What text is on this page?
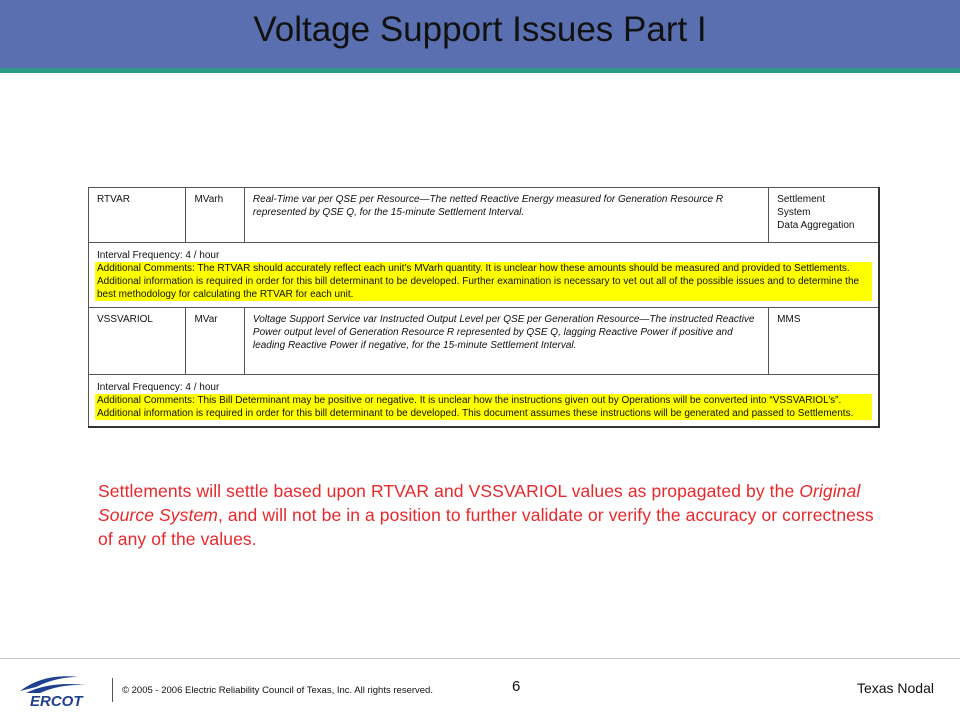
Voltage Support Issues Part I
RTVAR	MVarh	Real-Time var per QSE per Resource—The netted Reactive Energy measured for Generation Resource R represented by QSE Q, for the 15-minute Settlement Interval.	Settlement
System
Data Aggregation

Interval Frequency: 4 / hour
Additional Comments: The RTVAR should accurately reflect each unit’s MVarh quantity. It is unclear how these amounts should be measured and provided to Settlements. Additional information is required in order for this bill determinant to be developed. Further examination is necessary to vet out all of the possible issues and to determine the best methodology for calculating the RTVAR for each unit.			

VSSVARIOL	MVar	Voltage Support Service var Instructed Output Level per QSE per Generation Resource—The instructed Reactive Power output level of Generation Resource R represented by QSE Q, lagging Reactive Power if positive and leading Reactive Power if negative, for the 15-minute Settlement Interval.	MMS

Interval Frequency: 4 / hour
Additional Comments: This Bill Determinant may be positive or negative. It is unclear how the instructions given out by Operations will be converted into “VSSVARIOL’s”. Additional information is required in order for this bill determinant to be developed. This document assumes these instructions will be generated and passed to Settlements.			
Settlements will settle based upon RTVAR and VSSVARIOL values as propagated by the Original Source System, and will not be in a position to further validate or verify the accuracy or correctness of any of the values.
ERCOT
© 2005 - 2006 Electric Reliability Council of Texas, Inc. All rights reserved.	6	Texas Nodal
